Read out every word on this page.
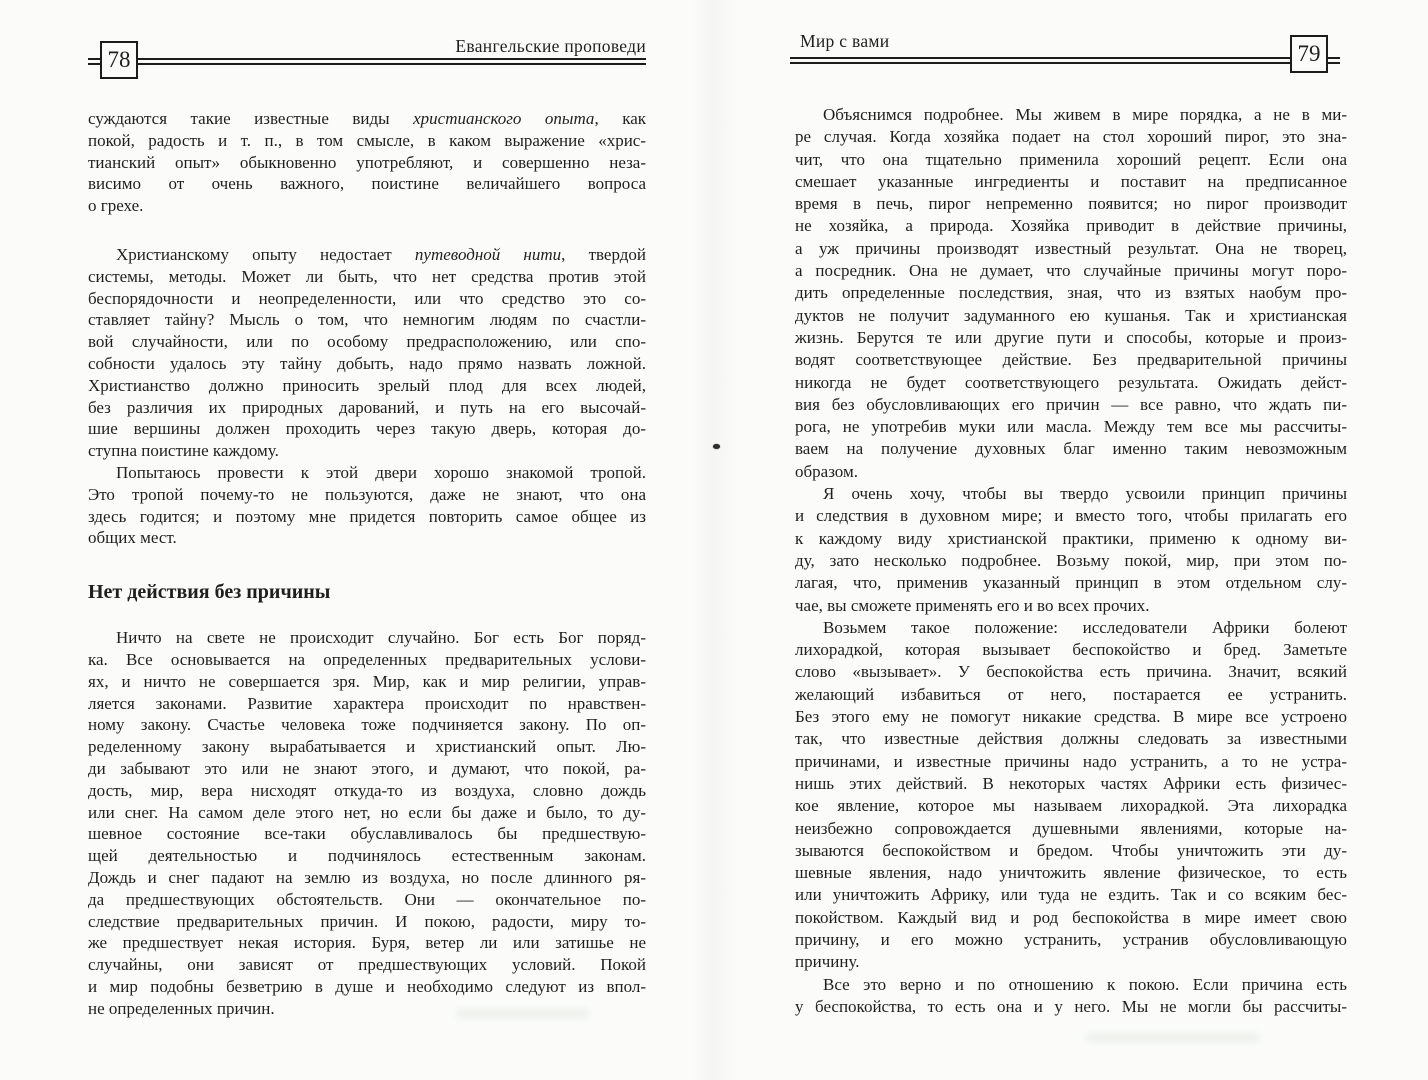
78
Евангельские проповеди
суждаются такие известные виды христианского опыта, как
покой, радость и т. п., в том смысле, в каком выражение «хрис-
тианский опыт» обыкновенно употребляют, и совершенно неза-
висимо от очень важного, поистине величайшего вопроса
о грехе.
Христианскому опыту недостает путеводной нити, твердой
системы, методы. Может ли быть, что нет средства против этой
беспорядочности и неопределенности, или что средство это со-
ставляет тайну? Мысль о том, что немногим людям по счастли-
вой случайности, или по особому предрасположению, или спо-
собности удалось эту тайну добыть, надо прямо назвать ложной.
Христианство должно приносить зрелый плод для всех людей,
без различия их природных дарований, и путь на его высочай-
шие вершины должен проходить через такую дверь, которая до-
ступна поистине каждому.
Попытаюсь провести к этой двери хорошо знакомой тропой.
Это тропой почему-то не пользуются, даже не знают, что она
здесь годится; и поэтому мне придется повторить самое общее из
общих мест.
Нет действия без причины
Ничто на свете не происходит случайно. Бог есть Бог поряд-
ка. Все основывается на определенных предварительных услови-
ях, и ничто не совершается зря. Мир, как и мир религии, управ-
ляется законами. Развитие характера происходит по нравствен-
ному закону. Счастье человека тоже подчиняется закону. По оп-
ределенному закону вырабатывается и христианский опыт. Лю-
ди забывают это или не знают этого, и думают, что покой, ра-
дость, мир, вера нисходят откуда-то из воздуха, словно дождь
или снег. На самом деле этого нет, но если бы даже и было, то ду-
шевное состояние все-таки обуславливалось бы предшествую-
щей деятельностью и подчинялось естественным законам.
Дождь и снег падают на землю из воздуха, но после длинного ря-
да предшествующих обстоятельств. Они — окончательное по-
следствие предварительных причин. И покою, радости, миру то-
же предшествует некая история. Буря, ветер ли или затишье не
случайны, они зависят от предшествующих условий. Покой
и мир подобны безветрию в душе и необходимо следуют из впол-
не определенных причин.
79
Мир с вами
Объяснимся подробнее. Мы живем в мире порядка, а не в ми-
ре случая. Когда хозяйка подает на стол хороший пирог, это зна-
чит, что она тщательно применила хороший рецепт. Если она
смешает указанные ингредиенты и поставит на предписанное
время в печь, пирог непременно появится; но пирог производит
не хозяйка, а природа. Хозяйка приводит в действие причины,
а уж причины производят известный результат. Она не творец,
а посредник. Она не думает, что случайные причины могут поро-
дить определенные последствия, зная, что из взятых наобум про-
дуктов не получит задуманного ею кушанья. Так и христианская
жизнь. Берутся те или другие пути и способы, которые и произ-
водят соответствующее действие. Без предварительной причины
никогда не будет соответствующего результата. Ожидать дейст-
вия без обусловливающих его причин — все равно, что ждать пи-
рога, не употребив муки или масла. Между тем все мы рассчиты-
ваем на получение духовных благ именно таким невозможным
образом.
Я очень хочу, чтобы вы твердо усвоили принцип причины
и следствия в духовном мире; и вместо того, чтобы прилагать его
к каждому виду христианской практики, применю к одному ви-
ду, зато несколько подробнее. Возьму покой, мир, при этом по-
лагая, что, применив указанный принцип в этом отдельном слу-
чае, вы сможете применять его и во всех прочих.
Возьмем такое положение: исследователи Африки болеют
лихорадкой, которая вызывает беспокойство и бред. Заметьте
слово «вызывает». У беспокойства есть причина. Значит, всякий
желающий избавиться от него, постарается ее устранить.
Без этого ему не помогут никакие средства. В мире все устроено
так, что известные действия должны следовать за известными
причинами, и известные причины надо устранить, а то не устра-
нишь этих действий. В некоторых частях Африки есть физичес-
кое явление, которое мы называем лихорадкой. Эта лихорадка
неизбежно сопровождается душевными явлениями, которые на-
зываются беспокойством и бредом. Чтобы уничтожить эти ду-
шевные явления, надо уничтожить явление физическое, то есть
или уничтожить Африку, или туда не ездить. Так и со всяким бес-
покойством. Каждый вид и род беспокойства в мире имеет свою
причину, и его можно устранить, устранив обусловливающую
причину.
Все это верно и по отношению к покою. Если причина есть
у беспокойства, то есть она и у него. Мы не могли бы рассчиты-
